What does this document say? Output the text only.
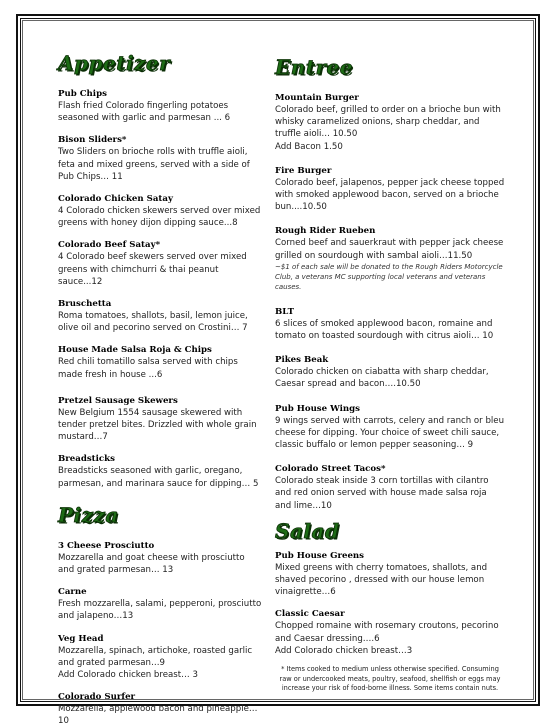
Appetizer
Pub Chips
Flash fried Colorado fingerling potatoes seasoned with garlic and parmesan ... 6
Bison Sliders*
Two Sliders on brioche rolls with truffle aioli, feta and mixed greens, served with a side of Pub Chips… 11
Colorado Chicken Satay
4 Colorado chicken skewers served over mixed greens with honey dijon dipping sauce...8
Colorado Beef Satay*
4 Colorado beef skewers served over mixed greens with chimchurri & thai peanut sauce...12
Bruschetta
Roma tomatoes, shallots, basil, lemon juice, olive oil and pecorino served on Crostini… 7
House Made Salsa Roja & Chips
Red chili tomatillo salsa served with chips made fresh in house ...6
Pretzel Sausage Skewers
New Belgium 1554 sausage skewered with tender pretzel bites. Drizzled with whole grain mustard…7
Breadsticks
Breadsticks seasoned with garlic, oregano, parmesan, and marinara sauce for dipping… 5
Pizza
3 Cheese Prosciutto
Mozzarella and goat cheese with prosciutto and grated parmesan… 13
Carne
Fresh mozzarella, salami, pepperoni, prosciutto and jalapeno…13
Veg Head
Mozzarella, spinach, artichoke, roasted garlic and grated parmesan…9
Add Colorado chicken breast… 3
Colorado Surfer
Mozzarella, applewood bacon and pineapple…10
Entree
Mountain Burger
Colorado beef, grilled to order on a brioche bun with whisky caramelized onions, sharp cheddar, and truffle aioli… 10.50
Add Bacon 1.50
Fire Burger
Colorado beef, jalapenos, pepper jack cheese topped with smoked applewood bacon, served on a brioche bun....10.50
Rough Rider Rueben
Corned beef and sauerkraut with pepper jack cheese grilled on sourdough with sambal aioli…11.50
~$1 of each sale will be donated to the Rough Riders Motorcycle Club, a veterans MC supporting local veterans and veterans causes.
BLT
6 slices of smoked applewood bacon, romaine and tomato on toasted sourdough with citrus aioli… 10
Pikes Beak
Colorado chicken on ciabatta with sharp cheddar, Caesar spread and bacon….10.50
Pub House Wings
9 wings served with carrots, celery and ranch or bleu cheese for dipping. Your choice of sweet chili sauce, classic buffalo or lemon pepper seasoning… 9
Colorado Street Tacos*
Colorado steak inside 3 corn tortillas with cilantro and red onion served with house made salsa roja and lime…10
Salad
Pub House Greens
Mixed greens with cherry tomatoes, shallots, and shaved pecorino , dressed with our house lemon vinaigrette…6
Classic Caesar
Chopped romaine with rosemary croutons, pecorino and Caesar dressing….6
Add Colorado chicken breast…3
* Items cooked to medium unless otherwise specified. Consuming raw or undercooked meats, poultry, seafood, shellfish or eggs may increase your risk of food-borne illness. Some items contain nuts.
